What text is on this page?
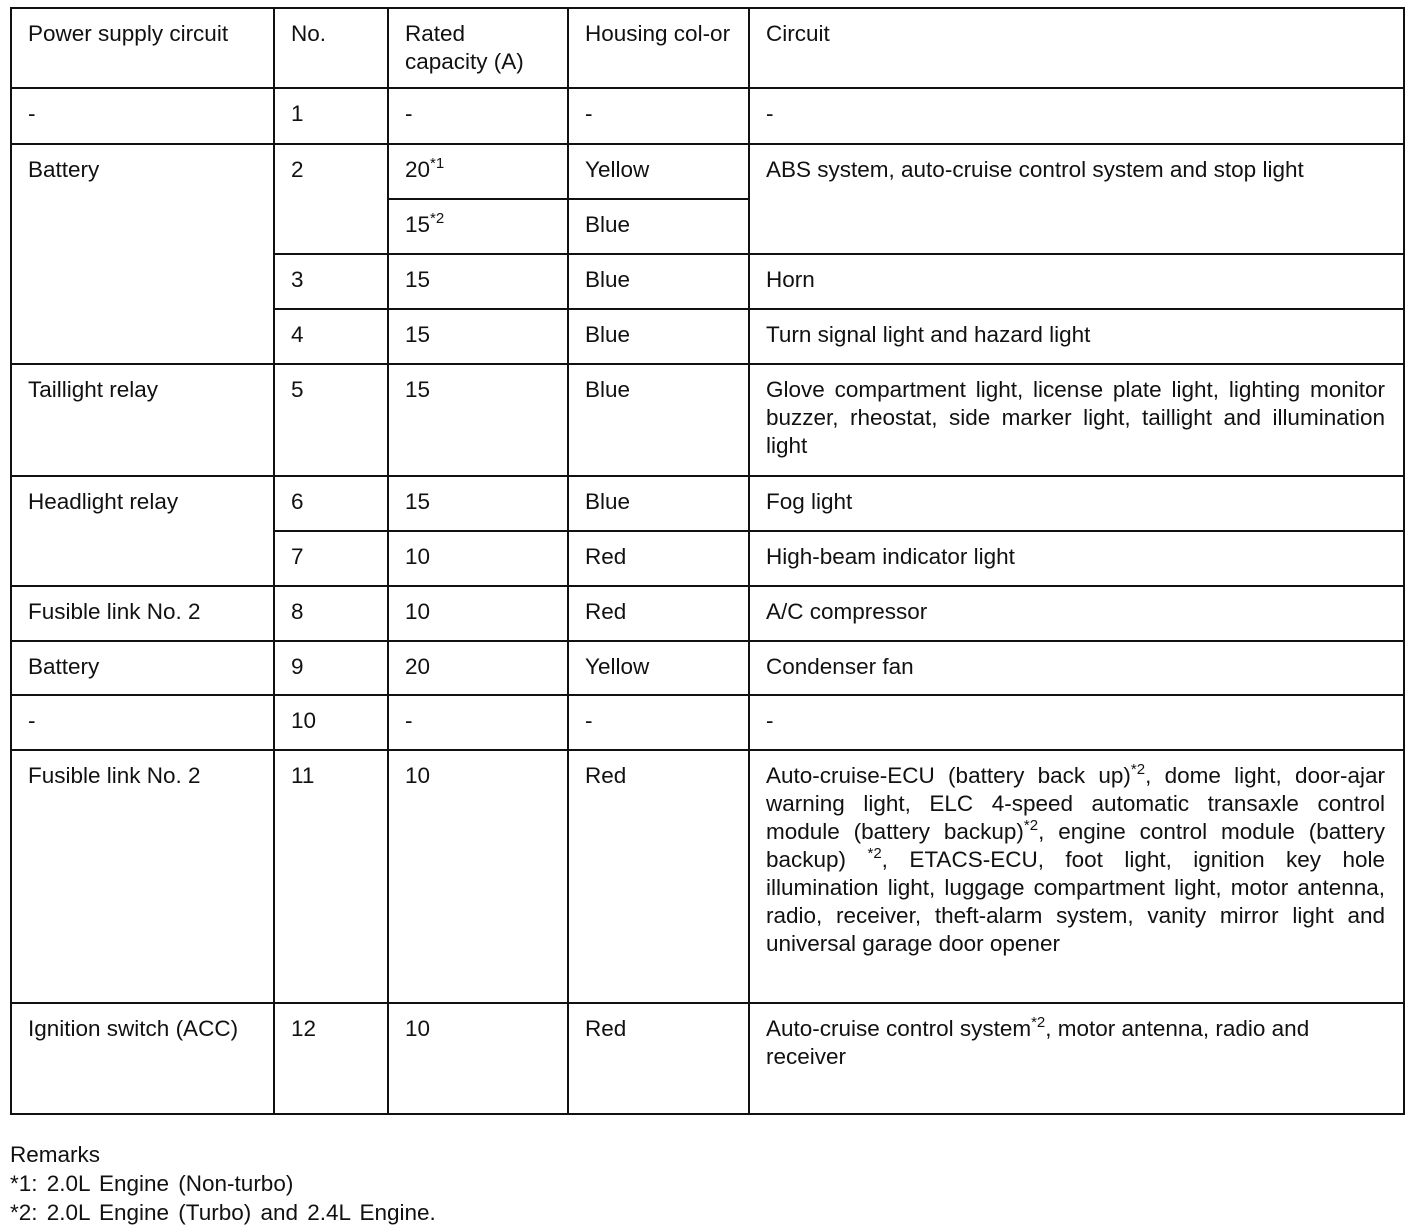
Power supply circuit	No.	Rated capacity (A)	Housing col-or	Circuit
-	1	-	-	-
Battery	2	20$^{*1}$	Yellow	ABS system, auto-cruise control system and stop light
		15$^{*2}$	Blue	
	3	15	Blue	Horn
	4	15	Blue	Turn signal light and hazard light
Taillight relay	5	15	Blue	Glove compartment light, license plate light, lighting monitor buzzer, rheostat, side marker light, taillight and illumination light
Headlight relay	6	15	Blue	Fog light
	7	10	Red	High-beam indicator light
Fusible link No. 2	8	10	Red	A/C compressor
Battery	9	20	Yellow	Condenser fan
-	10	-	-	-
Fusible link No. 2	11	10	Red	Auto-cruise-ECU (battery back up)$^{*2}$, dome light, door-ajar warning light, ELC 4-speed automatic transaxle control module (battery backup)$^{*2}$, engine control module (battery backup) $^{*2}$, ETACS-ECU, foot light, ignition key hole illumination light, luggage compartment light, motor antenna, radio, receiver, theft-alarm system, vanity mirror light and universal garage door opener
Ignition switch (ACC)	12	10	Red	Auto-cruise control system$^{*2}$, motor antenna, radio and
receiver
Remarks
*1: 2.0L Engine (Non-turbo)
*2: 2.0L Engine (Turbo) and 2.4L Engine.
